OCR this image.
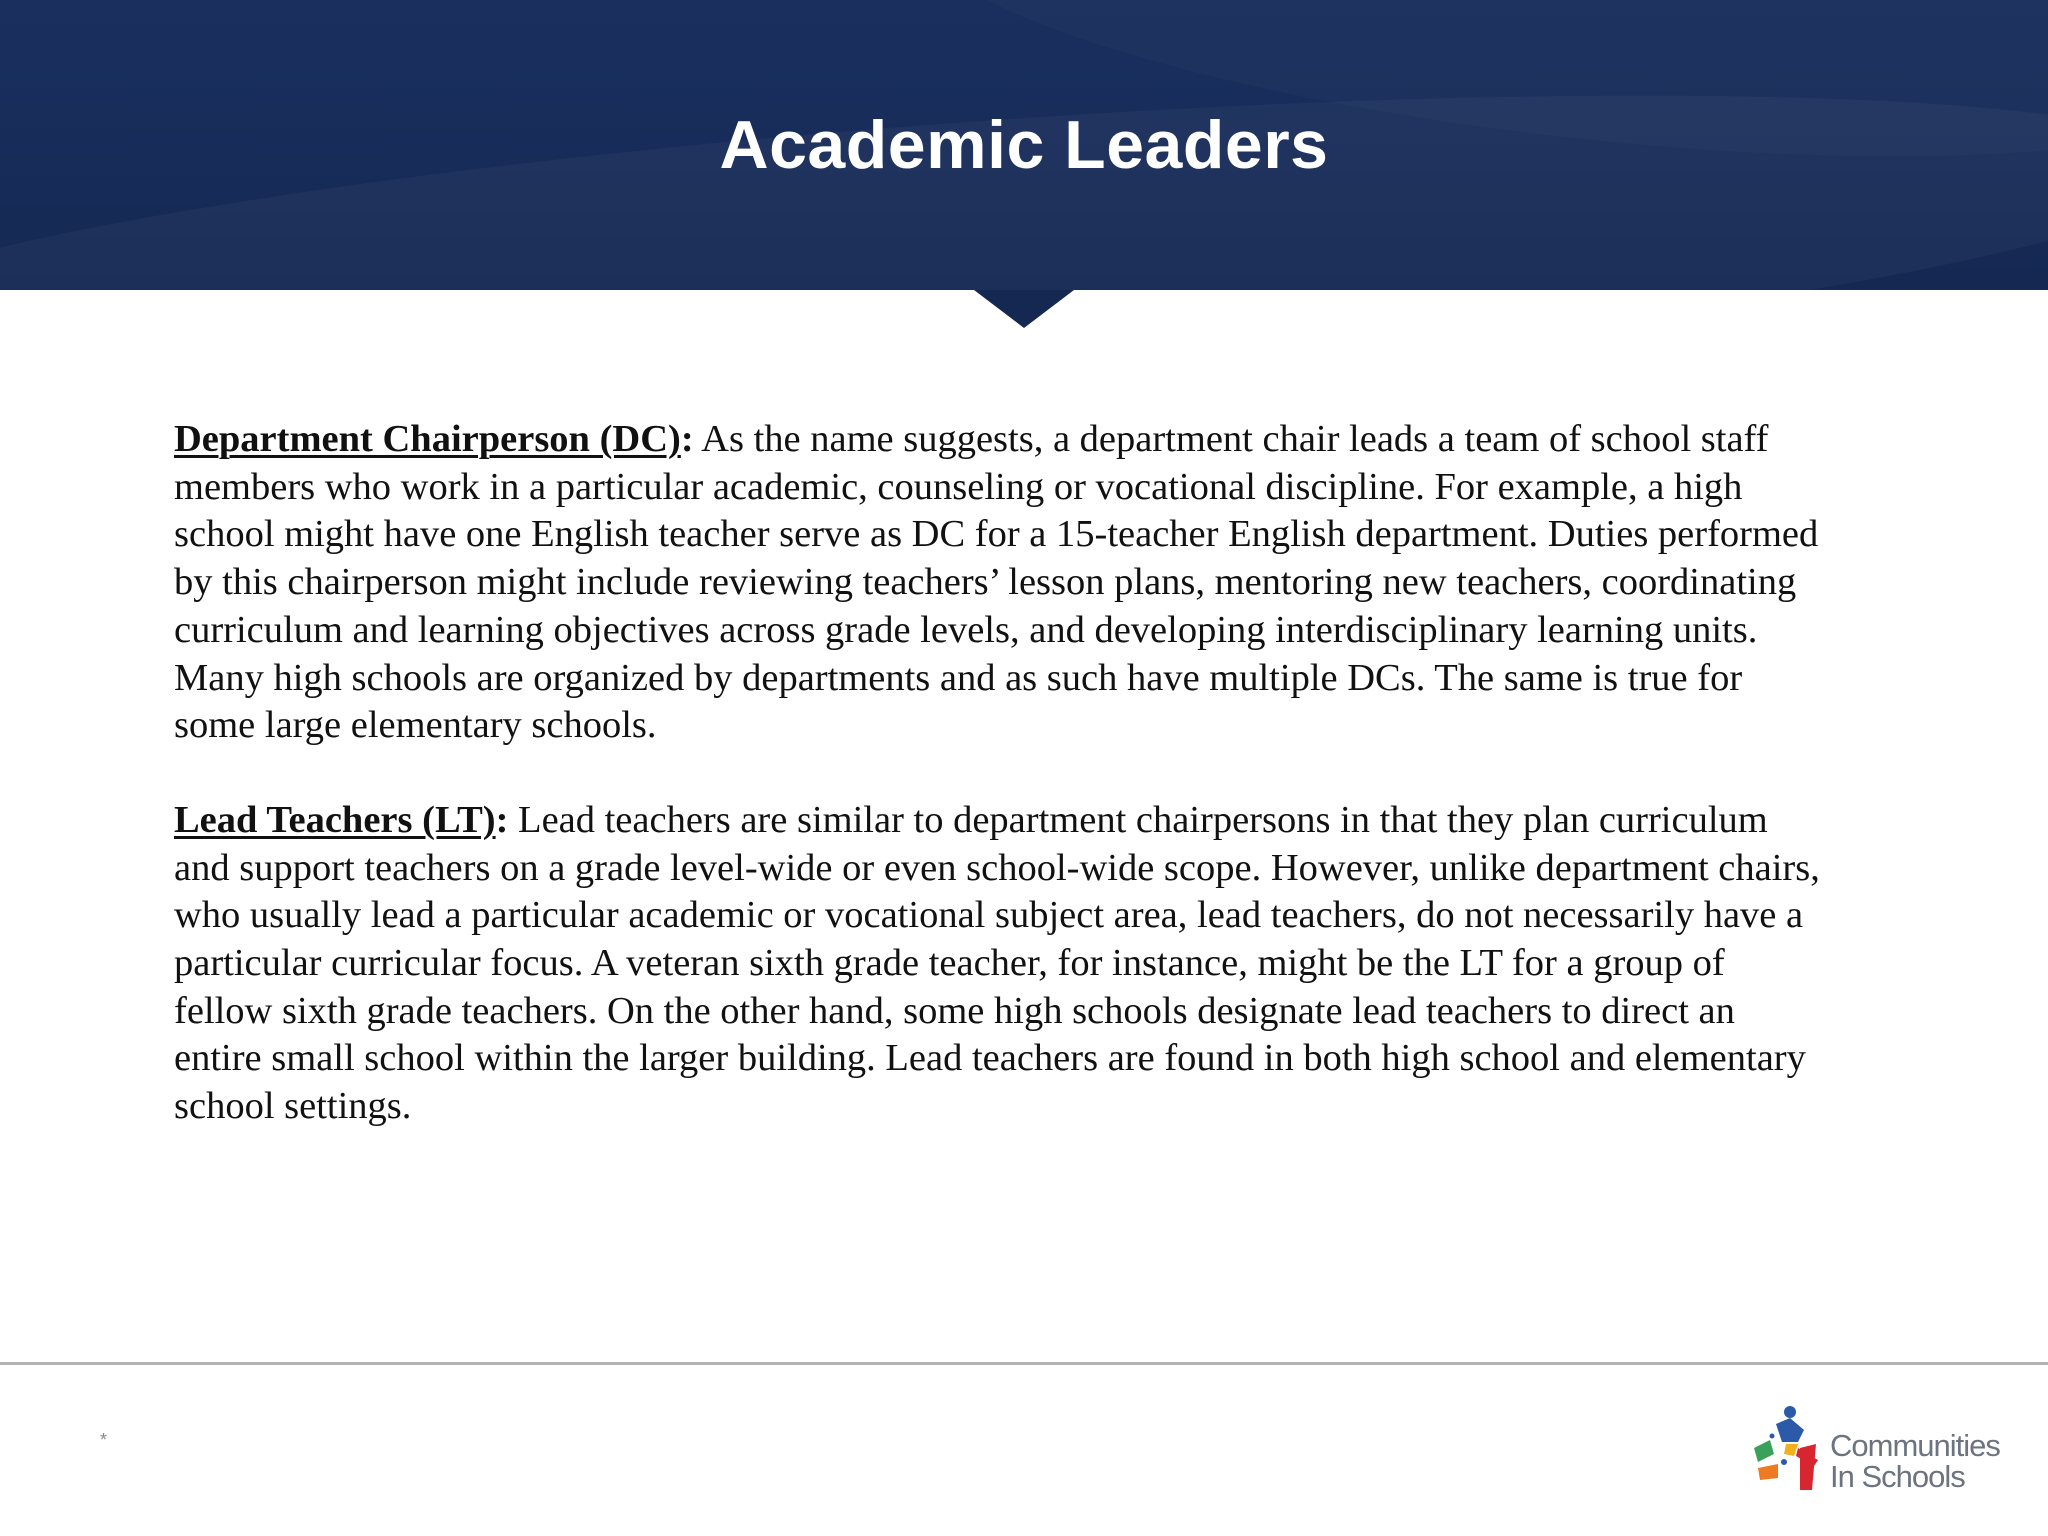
Academic Leaders

Department Chairperson (DC): As the name suggests, a department chair leads a team of school staff members who work in a particular academic, counseling or vocational discipline. For example, a high school might have one English teacher serve as DC for a 15-teacher English department. Duties performed by this chairperson might include reviewing teachers’ lesson plans, mentoring new teachers, coordinating curriculum and learning objectives across grade levels, and developing interdisciplinary learning units. Many high schools are organized by departments and as such have multiple DCs. The same is true for some large elementary schools.

Lead Teachers (LT): Lead teachers are similar to department chairpersons in that they plan curriculum and support teachers on a grade level-wide or even school-wide scope. However, unlike department chairs, who usually lead a particular academic or vocational subject area, lead teachers, do not necessarily have a particular curricular focus. A veteran sixth grade teacher, for instance, might be the LT for a group of fellow sixth grade teachers. On the other hand, some high schools designate lead teachers to direct an entire small school within the larger building. Lead teachers are found in both high school and elementary school settings.

*	Communities
In Schools
